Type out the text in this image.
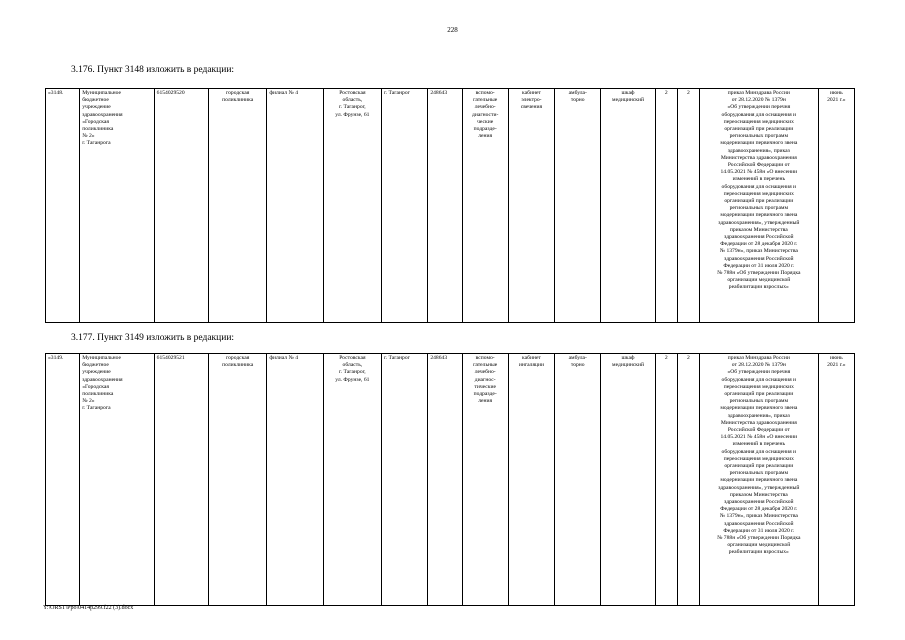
228
3.176. Пункт 3148 изложить в редакции:
«3148.	Муниципальное
бюджетное
учреждение
здравоохранения
«Городская
поликлиника
№ 2»
г. Таганрога	6154029520	городская
поликлиника	филиал № 4	Ростовская
область,
г. Таганрог,
ул. Фрунзе, 61	г. Таганрог	248643	вспомо-
гательные
лечебно-
диагности-
ческие
подразде-
ления	кабинет
электро-
свечения	амбула-
торно	шкаф
медицинский	2	2	приказ Минздрава России
от 28.12.2020 № 1379н
«Об утверждении перечня
оборудования для оснащения и
переоснащения медицинских
организаций при реализации
региональных программ
модернизации первичного звена
здравоохранения», приказ
Министерства здравоохранения
Российской Федерации от
14.05.2021 № 458н «О внесении
изменений в перечень
оборудования для оснащения и
переоснащения медицинских
организаций при реализации
региональных программ
модернизации первичного звена
здравоохранения», утвержденный
приказом Министерства
здравоохранения Российской
Федерации от 28 декабря 2020 г.
№ 1379н», приказ Министерства
здравоохранения Российской
Федерации от 31 июля 2020 г.
№ 788н «Об утверждении Порядка
организации медицинской
реабилитации взрослых»	июнь
2021 г.»
3.177. Пункт 3149 изложить в редакции:
«3149.	Муниципальное
бюджетное
учреждение
здравоохранения
«Городская
поликлиника
№ 2»
г. Таганрога	6154029521	городская
поликлиника	филиал № 4	Ростовская
область,
г. Таганрог,
ул. Фрунзе, 61	г. Таганрог	248643	вспомо-
гательные
лечебно-
диагнос-
тические
подразде-
ления	кабинет
ингаляции	амбула-
торно	шкаф
медицинский	2	2	приказ Минздрава России
от 28.12.2020 № 1379н
«Об утверждении перечня
оборудования для оснащения и
переоснащения медицинских
организаций при реализации
региональных программ
модернизации первичного звена
здравоохранения», приказ
Министерства здравоохранения
Российской Федерации от
14.05.2021 № 458н «О внесении
изменений в перечень
оборудования для оснащения и
переоснащения медицинских
организаций при реализации
региональных программ
модернизации первичного звена
здравоохранения», утвержденный
приказом Министерства
здравоохранения Российской
Федерации от 28 декабря 2020 г.
№ 1379н», приказ Министерства
здравоохранения Российской
Федерации от 31 июля 2020 г.
№ 788н «Об утверждении Порядка
организации медицинской
реабилитации взрослых»	июнь
2021 г.»
Y:\ORST\Ppo\0414p299.f22 (3).docx
